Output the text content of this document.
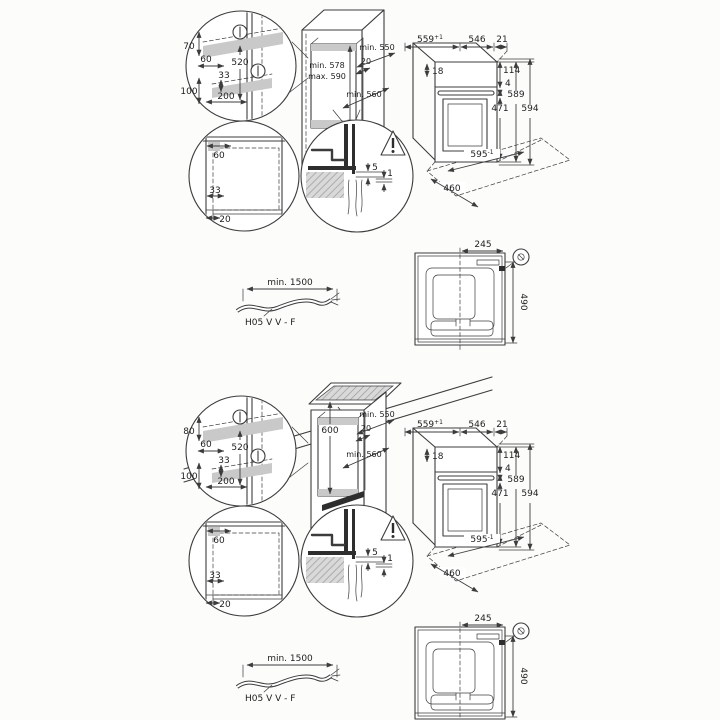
min. 578
max. 590
min. 550
20
min. 560
70
60 520
33
100 200
60
33
20
5
1
$559^{+1}$	546 21
18	114
4
589
594
471
$595^{-1}$
460
min. 1500
H05 V V - F
245
490
600
min. 550
20
min. 560
80
60 520
33
100 200
60
33
20
5
1
$559^{+1}$	546 21
18	114
4
589
594
471
$595^{-1}$
460
min. 1500
H05 V V - F
245
490
